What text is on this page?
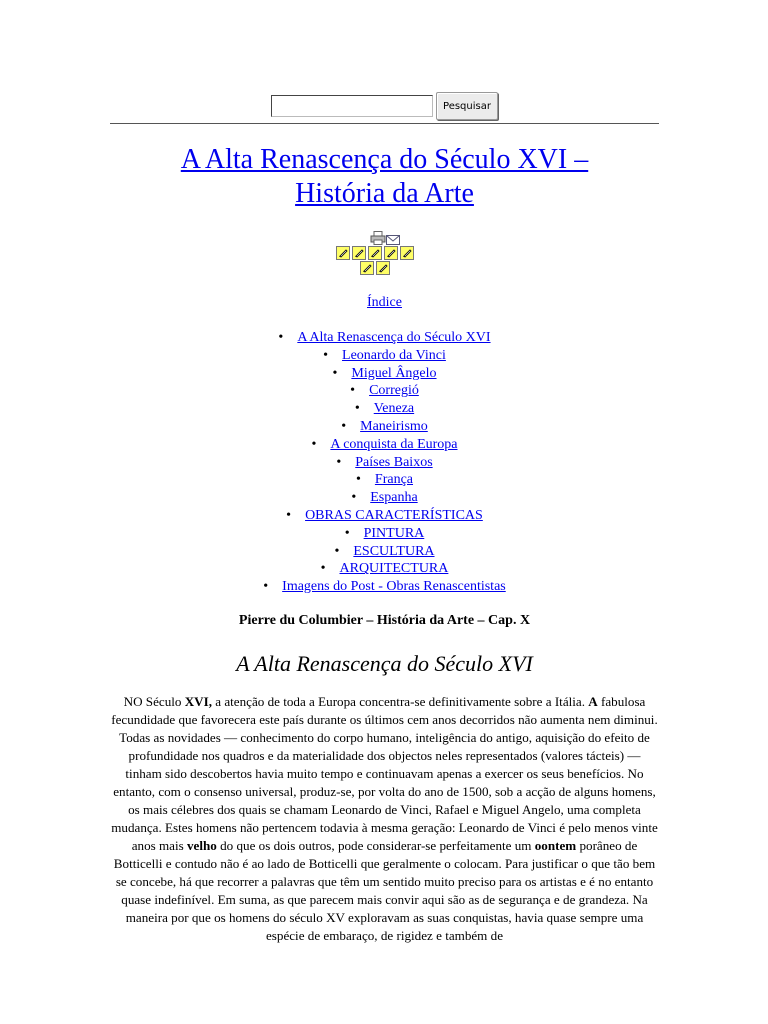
Pesquisar
A Alta Renascença do Século XVI –
História da Arte
Índice
• A Alta Renascença do Século XVI
• Leonardo da Vinci
• Miguel Ângelo
• Corregió
• Veneza
• Maneirismo
• A conquista da Europa
• Países Baixos
• França
• Espanha
• OBRAS CARACTERÍSTICAS
• PINTURA
• ESCULTURA
• ARQUITECTURA
• Imagens do Post - Obras Renascentistas
Pierre du Columbier – História da Arte – Cap. X
A Alta Renascença do Século XVI

NO Século XVI, a atenção de toda a Europa concentra-se definitivamente sobre a Itália. A fabulosa fecundidade que favorecera este país durante os últimos cem anos decorridos não aumenta nem diminui. Todas as novidades — conhecimento do corpo humano, inteligência do antigo, aquisição do efeito de profundidade nos quadros e da materialidade dos objectos neles representados (valores tácteis) — tinham sido descobertos havia muito tempo e continuavam apenas a exercer os seus benefícios. No entanto, com o consenso universal, produz-se, por volta do ano de 1500, sob a acção de alguns homens, os mais célebres dos quais se chamam Leonardo de Vinci, Rafael e Miguel Angelo, uma completa mudança. Estes homens não pertencem todavia à mesma geração: Leonardo de Vinci é pelo menos vinte anos mais velho do que os dois outros, pode considerar-se perfeitamente um oontem porâneo de Botticelli e contudo não é ao lado de Botticelli que geralmente o colocam. Para justificar o que tão bem se concebe, há que recorrer a palavras que têm um sentido muito preciso para os artistas e é no entanto quase indefinível. Em suma, as que parecem mais convir aqui são as de segurança e de grandeza. Na maneira por que os homens do século XV exploravam as suas conquistas, havia quase sempre uma espécie de embaraço, de rigidez e também de
